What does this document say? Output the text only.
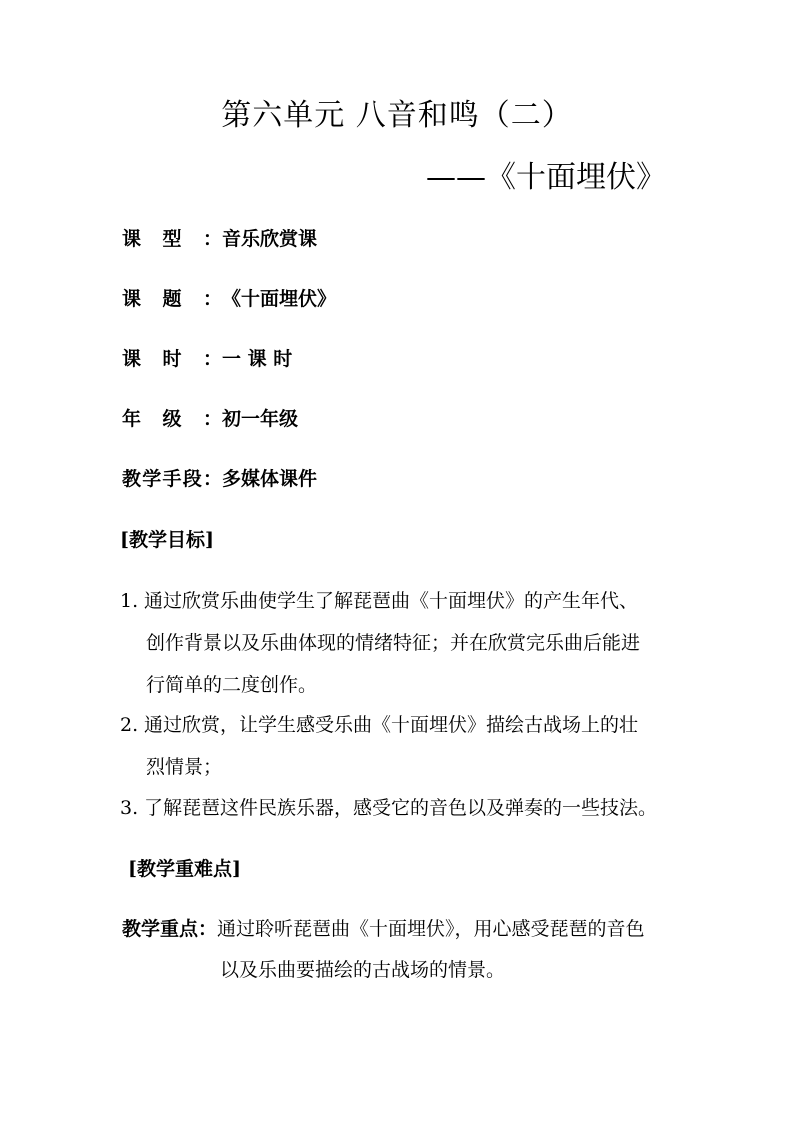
第六单元 八音和鸣（二）
——《十面埋伏》
课型：音乐欣赏课
课题：《十面埋伏》
课时：一 课 时
年级：初一年级
教学手段：多媒体课件
[教学目标]
1. 通过欣赏乐曲使学生了解琵琶曲《十面埋伏》的产生年代、
创作背景以及乐曲体现的情绪特征；并在欣赏完乐曲后能进
行简单的二度创作。
2. 通过欣赏，让学生感受乐曲《十面埋伏》描绘古战场上的壮
烈情景；
3. 了解琵琶这件民族乐器，感受它的音色以及弹奏的一些技法。
[教学重难点]
教学重点：通过聆听琵琶曲《十面埋伏》，用心感受琵琶的音色
以及乐曲要描绘的古战场的情景。
